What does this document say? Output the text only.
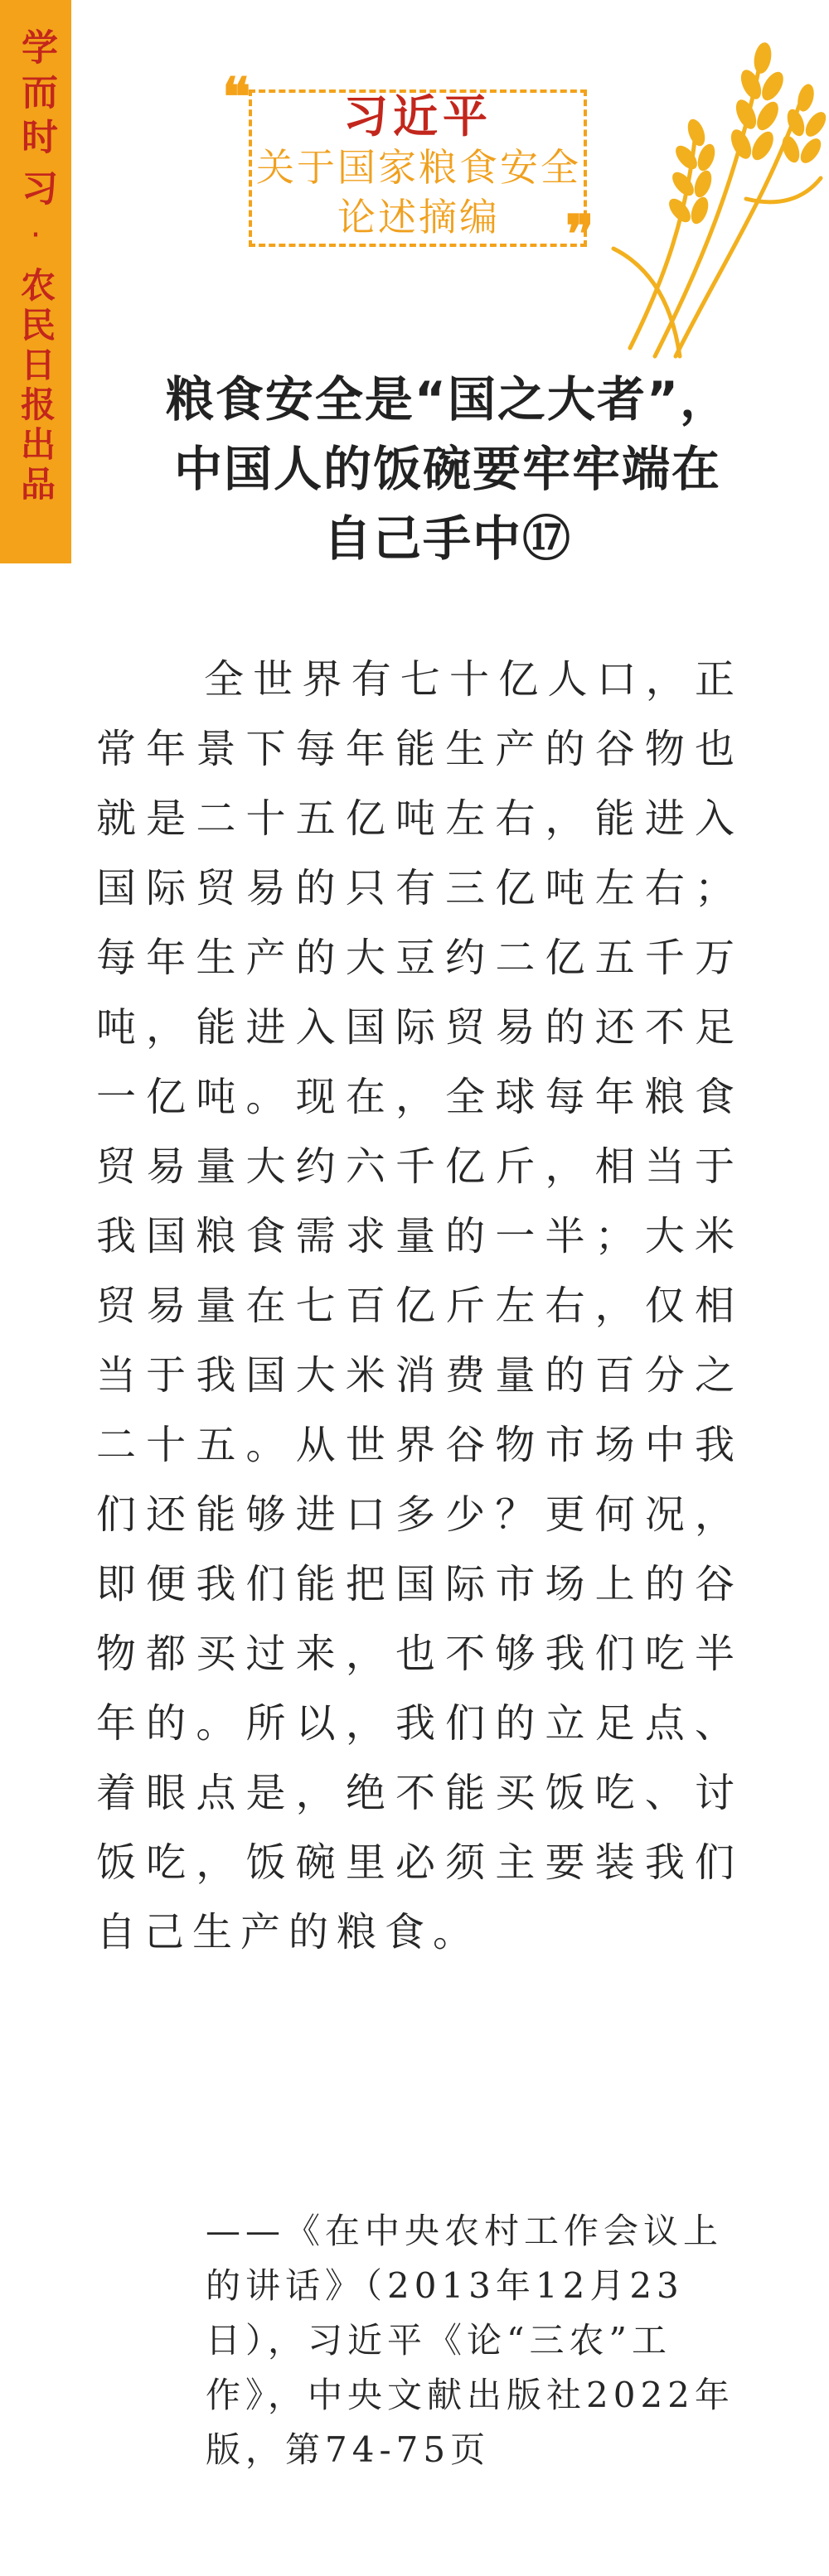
学而时
习
·
农民日报出品
❝
❞
习近平
关于国家粮食安全
论述摘编
粮食安全是“国之大者”，
中国人的饭碗要牢牢端在
自己手中⑰

全世界有七十亿人口，正常年景下每年能生产的谷物也就是二十五亿吨左右，能进入国际贸易的只有三亿吨左右；每年生产的大豆约二亿五千万吨，能进入国际贸易的还不足一亿吨。现在，全球每年粮食贸易量大约六千亿斤，相当于我国粮食需求量的一半；大米贸易量在七百亿斤左右，仅相当于我国大米消费量的百分之二十五。从世界谷物市场中我们还能够进口多少？更何况，即便我们能把国际市场上的谷物都买过来，也不够我们吃半年的。所以，我们的立足点、着眼点是，绝不能买饭吃、讨饭吃，饭碗里必须主要装我们自己生产的粮食。

——《在中央农村工作会议上的讲话》（2013年12月23日），习近平《论“三农”工作》，中央文献出版社2022年版，第74-75页
